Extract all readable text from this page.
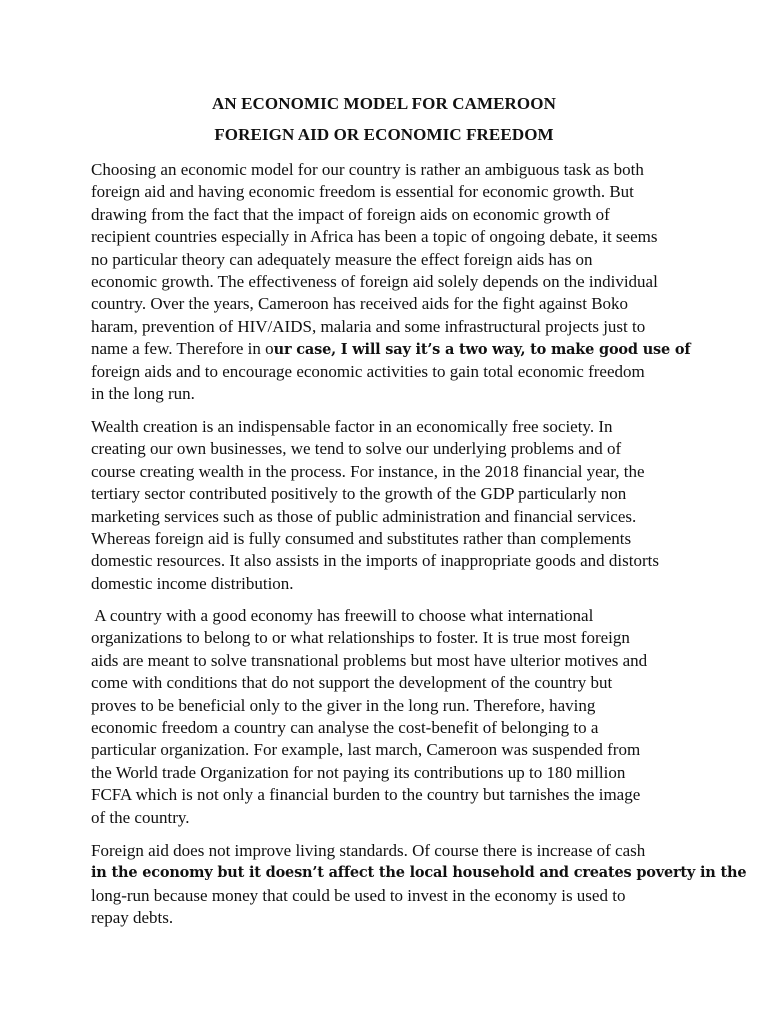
AN ECONOMIC MODEL FOR CAMEROON
FOREIGN AID OR ECONOMIC FREEDOM
Choosing an economic model for our country is rather an ambiguous task as both
foreign aid and having economic freedom is essential for economic growth. But
drawing from the fact that the impact of foreign aids on economic growth of
recipient countries especially in Africa has been a topic of ongoing debate, it seems
no particular theory can adequately measure the effect foreign aids has on
economic growth. The effectiveness of foreign aid solely depends on the individual
country. Over the years, Cameroon has received aids for the fight against Boko
haram, prevention of HIV/AIDS, malaria and some infrastructural projects just to
name a few. Therefore in our case, I will say it’s a two way, to make good use of
foreign aids and to encourage economic activities to gain total economic freedom
in the long run.
Wealth creation is an indispensable factor in an economically free society. In
creating our own businesses, we tend to solve our underlying problems and of
course creating wealth in the process. For instance, in the 2018 financial year, the
tertiary sector contributed positively to the growth of the GDP particularly non
marketing services such as those of public administration and financial services.
Whereas foreign aid is fully consumed and substitutes rather than complements
domestic resources. It also assists in the imports of inappropriate goods and distorts
domestic income distribution.
A country with a good economy has freewill to choose what international
organizations to belong to or what relationships to foster. It is true most foreign
aids are meant to solve transnational problems but most have ulterior motives and
come with conditions that do not support the development of the country but
proves to be beneficial only to the giver in the long run. Therefore, having
economic freedom a country can analyse the cost-benefit of belonging to a
particular organization. For example, last march, Cameroon was suspended from
the World trade Organization for not paying its contributions up to 180 million
FCFA which is not only a financial burden to the country but tarnishes the image
of the country.
Foreign aid does not improve living standards. Of course there is increase of cash
in the economy but it doesn’t affect the local household and creates poverty in the
long-run because money that could be used to invest in the economy is used to
repay debts.
